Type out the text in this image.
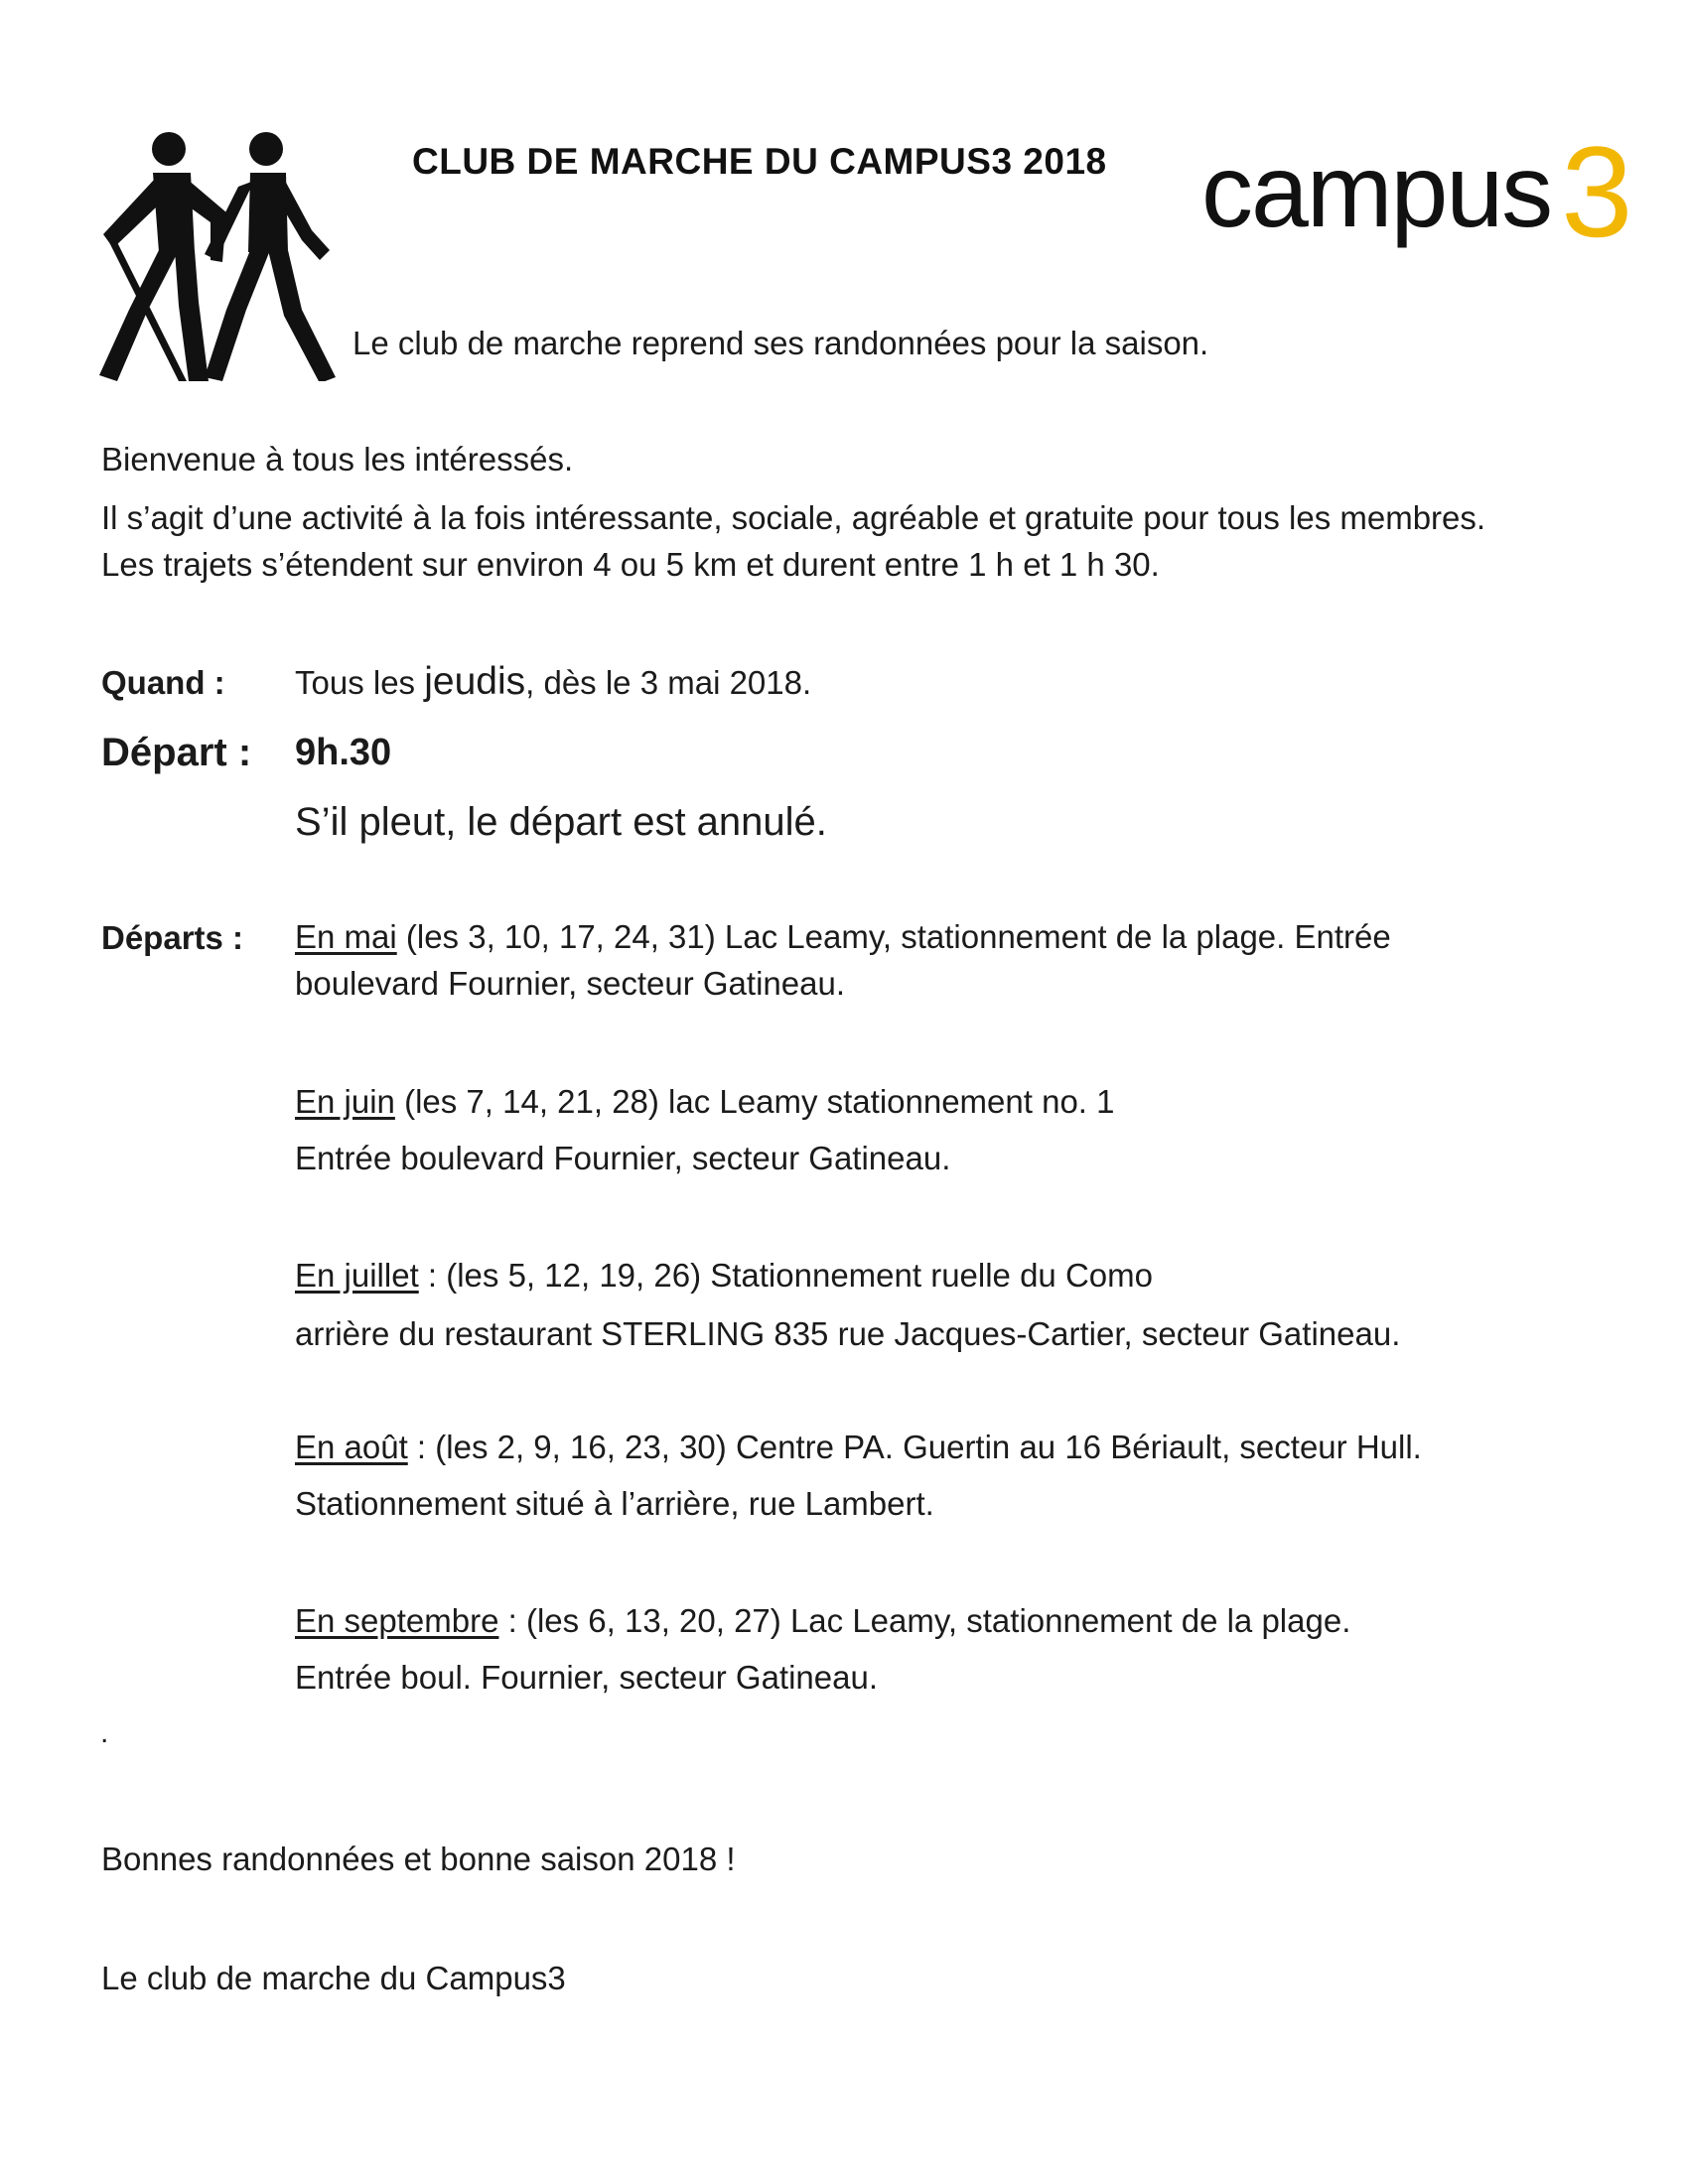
CLUB DE MARCHE DU CAMPUS3 2018 campus3
Le club de marche reprend ses randonnées pour la saison.
Bienvenue à tous les intéressés.
Il s’agit d’une activité à la fois intéressante, sociale, agréable et gratuite pour tous les membres. Les trajets s’étendent sur environ 4 ou 5 km et durent entre 1 h et 1 h 30.
Quand : Tous les jeudis, dès le 3 mai 2018.
Départ : 9h.30
S’il pleut, le départ est annulé.
Départs : En mai (les 3, 10, 17, 24, 31) Lac Leamy, stationnement de la plage. Entrée
boulevard Fournier, secteur Gatineau.
En juin (les 7, 14, 21, 28) lac Leamy stationnement no. 1
Entrée boulevard Fournier, secteur Gatineau.
En juillet : (les 5, 12, 19, 26) Stationnement ruelle du Como
arrière du restaurant STERLING 835 rue Jacques-Cartier, secteur Gatineau.
En août : (les 2, 9, 16, 23, 30) Centre PA. Guertin au 16 Bériault, secteur Hull.
Stationnement situé à l’arrière, rue Lambert.
En septembre : (les 6, 13, 20, 27) Lac Leamy, stationnement de la plage.
Entrée boul. Fournier, secteur Gatineau.
.
Bonnes randonnées et bonne saison 2018 !
Le club de marche du Campus3
